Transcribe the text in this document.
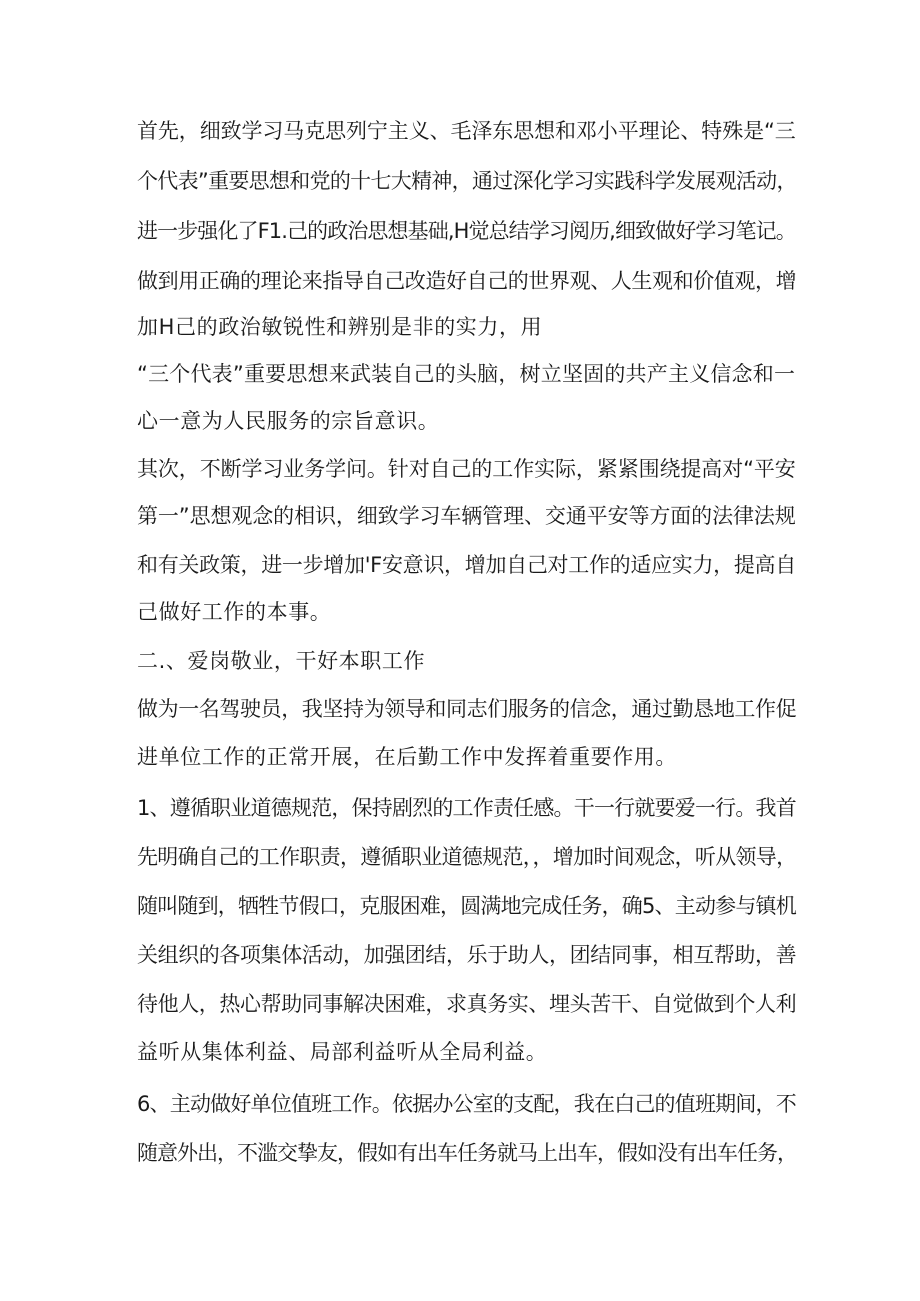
首先，细致学习马克思列宁主义、毛泽东思想和邓小平理论、特殊是“三
个代表”重要思想和党的十七大精神，通过深化学习实践科学发展观活动，
进一步强化了F1.己的政治思想基础,H觉总结学习阅历,细致做好学习笔记。
做到用正确的理论来指导自己改造好自己的世界观、人生观和价值观，增
加H己的政治敏锐性和辨别是非的实力，用
“三个代表”重要思想来武装自己的头脑，树立坚固的共产主义信念和一
心一意为人民服务的宗旨意识。
其次，不断学习业务学问。针对自己的工作实际，紧紧围绕提高对“平安
第一”思想观念的相识，细致学习车辆管理、交通平安等方面的法律法规
和有关政策，进一步增加'F安意识，增加自己对工作的适应实力，提高自
己做好工作的本事。
二.、爱岗敬业，干好本职工作
做为一名驾驶员，我坚持为领导和同志们服务的信念，通过勤恳地工作促
进单位工作的正常开展，在后勤工作中发挥着重要作用。
1、遵循职业道德规范，保持剧烈的工作责任感。干一行就要爱一行。我首
先明确自己的工作职责，遵循职业道德规范，，增加时间观念，听从领导，
随叫随到，牺牲节假口，克服困难，圆满地完成任务，确5、主动参与镇机
关组织的各项集体活动，加强团结，乐于助人，团结同事，相互帮助，善
待他人，热心帮助同事解决困难，求真务实、埋头苦干、自觉做到个人利
益听从集体利益、局部利益听从全局利益。
6、主动做好单位值班工作。依据办公室的支配，我在白己的值班期间，不
随意外出，不滥交挚友，假如有出车任务就马上出车，假如没有出车任务，
